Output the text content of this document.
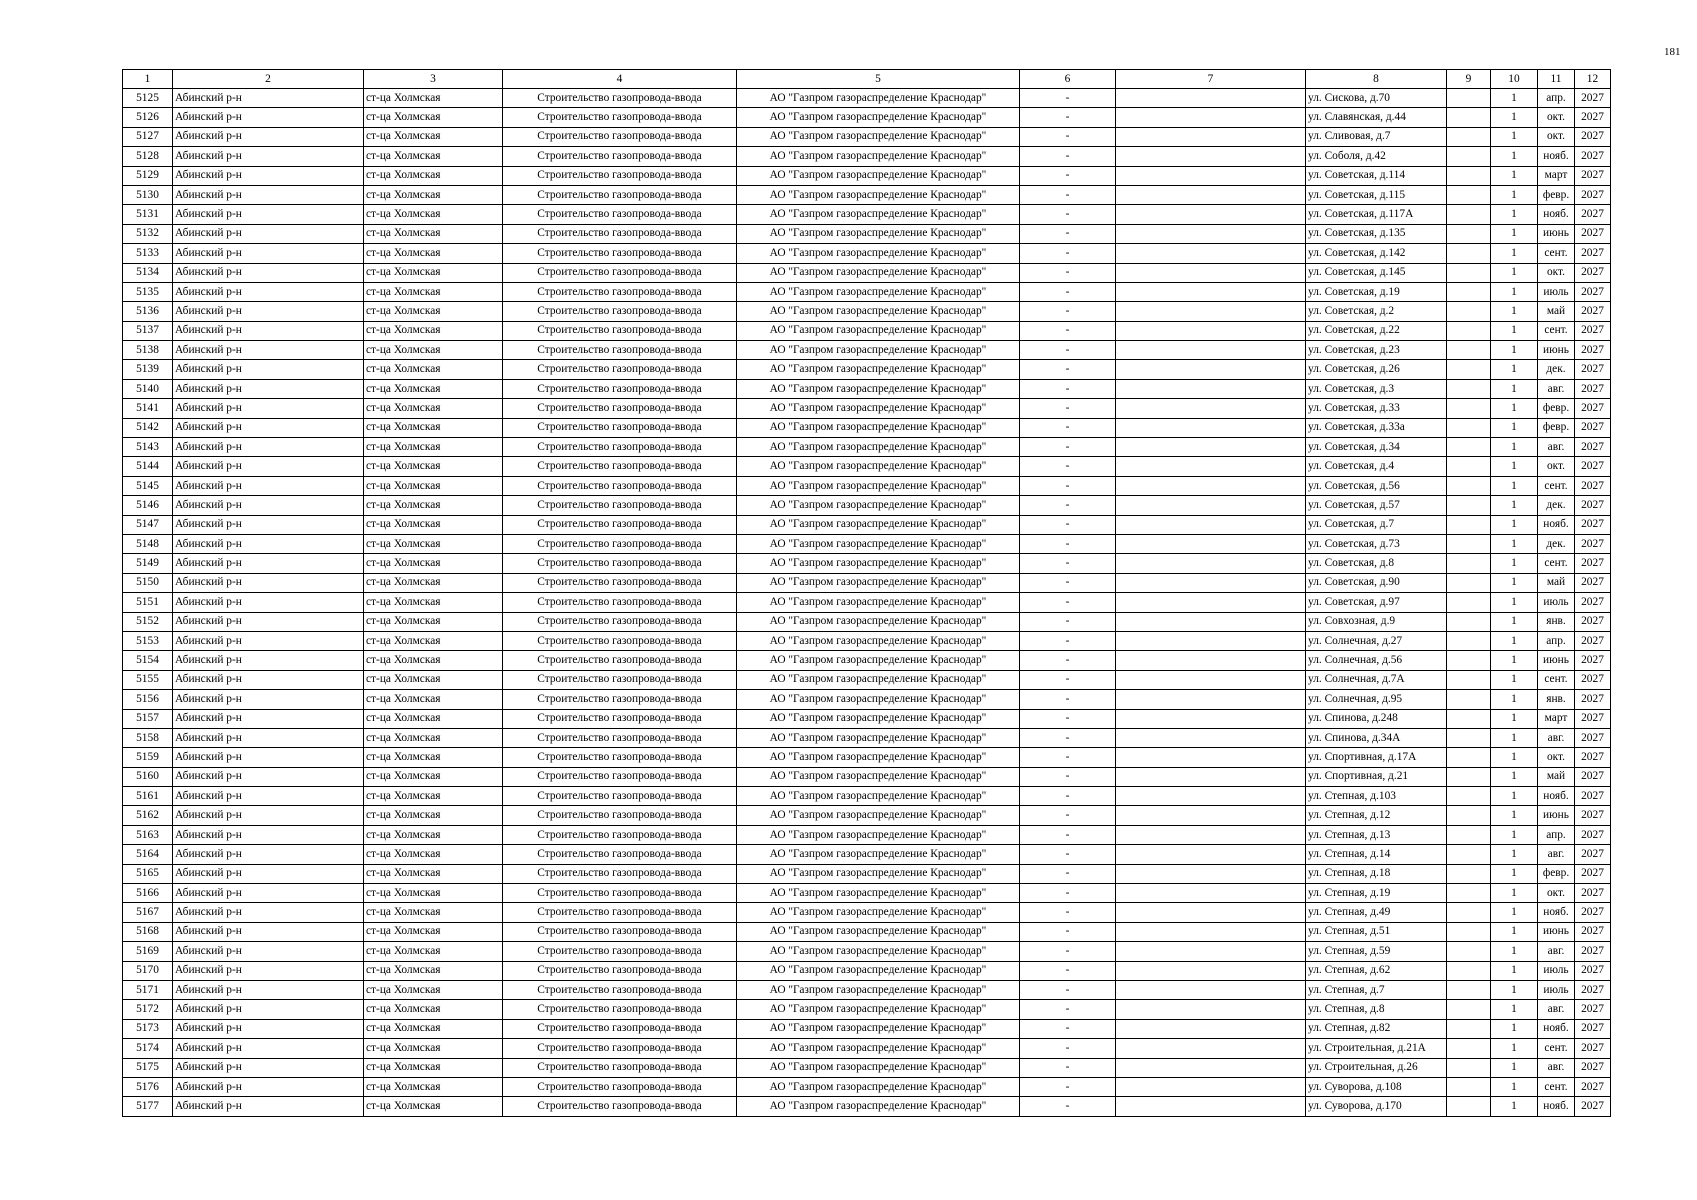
181
1	2	3	4	5	6	7	8	9	10	11	12
5125	Абинский р-н	ст-ца Холмская	Строительство газопровода-ввода	АО "Газпром газораспределение Краснодар"	-		ул. Сискова, д.70		1	апр.	2027
5126	Абинский р-н	ст-ца Холмская	Строительство газопровода-ввода	АО "Газпром газораспределение Краснодар"	-		ул. Славянская, д.44		1	окт.	2027
5127	Абинский р-н	ст-ца Холмская	Строительство газопровода-ввода	АО "Газпром газораспределение Краснодар"	-		ул. Сливовая, д.7		1	окт.	2027
5128	Абинский р-н	ст-ца Холмская	Строительство газопровода-ввода	АО "Газпром газораспределение Краснодар"	-		ул. Соболя, д.42		1	нояб.	2027
5129	Абинский р-н	ст-ца Холмская	Строительство газопровода-ввода	АО "Газпром газораспределение Краснодар"	-		ул. Советская, д.114		1	март	2027
5130	Абинский р-н	ст-ца Холмская	Строительство газопровода-ввода	АО "Газпром газораспределение Краснодар"	-		ул. Советская, д.115		1	февр.	2027
5131	Абинский р-н	ст-ца Холмская	Строительство газопровода-ввода	АО "Газпром газораспределение Краснодар"	-		ул. Советская, д.117А		1	нояб.	2027
5132	Абинский р-н	ст-ца Холмская	Строительство газопровода-ввода	АО "Газпром газораспределение Краснодар"	-		ул. Советская, д.135		1	июнь	2027
5133	Абинский р-н	ст-ца Холмская	Строительство газопровода-ввода	АО "Газпром газораспределение Краснодар"	-		ул. Советская, д.142		1	сент.	2027
5134	Абинский р-н	ст-ца Холмская	Строительство газопровода-ввода	АО "Газпром газораспределение Краснодар"	-		ул. Советская, д.145		1	окт.	2027
5135	Абинский р-н	ст-ца Холмская	Строительство газопровода-ввода	АО "Газпром газораспределение Краснодар"	-		ул. Советская, д.19		1	июль	2027
5136	Абинский р-н	ст-ца Холмская	Строительство газопровода-ввода	АО "Газпром газораспределение Краснодар"	-		ул. Советская, д.2		1	май	2027
5137	Абинский р-н	ст-ца Холмская	Строительство газопровода-ввода	АО "Газпром газораспределение Краснодар"	-		ул. Советская, д.22		1	сент.	2027
5138	Абинский р-н	ст-ца Холмская	Строительство газопровода-ввода	АО "Газпром газораспределение Краснодар"	-		ул. Советская, д.23		1	июнь	2027
5139	Абинский р-н	ст-ца Холмская	Строительство газопровода-ввода	АО "Газпром газораспределение Краснодар"	-		ул. Советская, д.26		1	дек.	2027
5140	Абинский р-н	ст-ца Холмская	Строительство газопровода-ввода	АО "Газпром газораспределение Краснодар"	-		ул. Советская, д.3		1	авг.	2027
5141	Абинский р-н	ст-ца Холмская	Строительство газопровода-ввода	АО "Газпром газораспределение Краснодар"	-		ул. Советская, д.33		1	февр.	2027
5142	Абинский р-н	ст-ца Холмская	Строительство газопровода-ввода	АО "Газпром газораспределение Краснодар"	-		ул. Советская, д.33а		1	февр.	2027
5143	Абинский р-н	ст-ца Холмская	Строительство газопровода-ввода	АО "Газпром газораспределение Краснодар"	-		ул. Советская, д.34		1	авг.	2027
5144	Абинский р-н	ст-ца Холмская	Строительство газопровода-ввода	АО "Газпром газораспределение Краснодар"	-		ул. Советская, д.4		1	окт.	2027
5145	Абинский р-н	ст-ца Холмская	Строительство газопровода-ввода	АО "Газпром газораспределение Краснодар"	-		ул. Советская, д.56		1	сент.	2027
5146	Абинский р-н	ст-ца Холмская	Строительство газопровода-ввода	АО "Газпром газораспределение Краснодар"	-		ул. Советская, д.57		1	дек.	2027
5147	Абинский р-н	ст-ца Холмская	Строительство газопровода-ввода	АО "Газпром газораспределение Краснодар"	-		ул. Советская, д.7		1	нояб.	2027
5148	Абинский р-н	ст-ца Холмская	Строительство газопровода-ввода	АО "Газпром газораспределение Краснодар"	-		ул. Советская, д.73		1	дек.	2027
5149	Абинский р-н	ст-ца Холмская	Строительство газопровода-ввода	АО "Газпром газораспределение Краснодар"	-		ул. Советская, д.8		1	сент.	2027
5150	Абинский р-н	ст-ца Холмская	Строительство газопровода-ввода	АО "Газпром газораспределение Краснодар"	-		ул. Советская, д.90		1	май	2027
5151	Абинский р-н	ст-ца Холмская	Строительство газопровода-ввода	АО "Газпром газораспределение Краснодар"	-		ул. Советская, д.97		1	июль	2027
5152	Абинский р-н	ст-ца Холмская	Строительство газопровода-ввода	АО "Газпром газораспределение Краснодар"	-		ул. Совхозная, д.9		1	янв.	2027
5153	Абинский р-н	ст-ца Холмская	Строительство газопровода-ввода	АО "Газпром газораспределение Краснодар"	-		ул. Солнечная, д.27		1	апр.	2027
5154	Абинский р-н	ст-ца Холмская	Строительство газопровода-ввода	АО "Газпром газораспределение Краснодар"	-		ул. Солнечная, д.56		1	июнь	2027
5155	Абинский р-н	ст-ца Холмская	Строительство газопровода-ввода	АО "Газпром газораспределение Краснодар"	-		ул. Солнечная, д.7А		1	сент.	2027
5156	Абинский р-н	ст-ца Холмская	Строительство газопровода-ввода	АО "Газпром газораспределение Краснодар"	-		ул. Солнечная, д.95		1	янв.	2027
5157	Абинский р-н	ст-ца Холмская	Строительство газопровода-ввода	АО "Газпром газораспределение Краснодар"	-		ул. Спинова, д.248		1	март	2027
5158	Абинский р-н	ст-ца Холмская	Строительство газопровода-ввода	АО "Газпром газораспределение Краснодар"	-		ул. Спинова, д.34А		1	авг.	2027
5159	Абинский р-н	ст-ца Холмская	Строительство газопровода-ввода	АО "Газпром газораспределение Краснодар"	-		ул. Спортивная, д.17А		1	окт.	2027
5160	Абинский р-н	ст-ца Холмская	Строительство газопровода-ввода	АО "Газпром газораспределение Краснодар"	-		ул. Спортивная, д.21		1	май	2027
5161	Абинский р-н	ст-ца Холмская	Строительство газопровода-ввода	АО "Газпром газораспределение Краснодар"	-		ул. Степная, д.103		1	нояб.	2027
5162	Абинский р-н	ст-ца Холмская	Строительство газопровода-ввода	АО "Газпром газораспределение Краснодар"	-		ул. Степная, д.12		1	июнь	2027
5163	Абинский р-н	ст-ца Холмская	Строительство газопровода-ввода	АО "Газпром газораспределение Краснодар"	-		ул. Степная, д.13		1	апр.	2027
5164	Абинский р-н	ст-ца Холмская	Строительство газопровода-ввода	АО "Газпром газораспределение Краснодар"	-		ул. Степная, д.14		1	авг.	2027
5165	Абинский р-н	ст-ца Холмская	Строительство газопровода-ввода	АО "Газпром газораспределение Краснодар"	-		ул. Степная, д.18		1	февр.	2027
5166	Абинский р-н	ст-ца Холмская	Строительство газопровода-ввода	АО "Газпром газораспределение Краснодар"	-		ул. Степная, д.19		1	окт.	2027
5167	Абинский р-н	ст-ца Холмская	Строительство газопровода-ввода	АО "Газпром газораспределение Краснодар"	-		ул. Степная, д.49		1	нояб.	2027
5168	Абинский р-н	ст-ца Холмская	Строительство газопровода-ввода	АО "Газпром газораспределение Краснодар"	-		ул. Степная, д.51		1	июнь	2027
5169	Абинский р-н	ст-ца Холмская	Строительство газопровода-ввода	АО "Газпром газораспределение Краснодар"	-		ул. Степная, д.59		1	авг.	2027
5170	Абинский р-н	ст-ца Холмская	Строительство газопровода-ввода	АО "Газпром газораспределение Краснодар"	-		ул. Степная, д.62		1	июль	2027
5171	Абинский р-н	ст-ца Холмская	Строительство газопровода-ввода	АО "Газпром газораспределение Краснодар"	-		ул. Степная, д.7		1	июль	2027
5172	Абинский р-н	ст-ца Холмская	Строительство газопровода-ввода	АО "Газпром газораспределение Краснодар"	-		ул. Степная, д.8		1	авг.	2027
5173	Абинский р-н	ст-ца Холмская	Строительство газопровода-ввода	АО "Газпром газораспределение Краснодар"	-		ул. Степная, д.82		1	нояб.	2027
5174	Абинский р-н	ст-ца Холмская	Строительство газопровода-ввода	АО "Газпром газораспределение Краснодар"	-		ул. Строительная, д.21А		1	сент.	2027
5175	Абинский р-н	ст-ца Холмская	Строительство газопровода-ввода	АО "Газпром газораспределение Краснодар"	-		ул. Строительная, д.26		1	авг.	2027
5176	Абинский р-н	ст-ца Холмская	Строительство газопровода-ввода	АО "Газпром газораспределение Краснодар"	-		ул. Суворова, д.108		1	сент.	2027
5177	Абинский р-н	ст-ца Холмская	Строительство газопровода-ввода	АО "Газпром газораспределение Краснодар"	-		ул. Суворова, д.170		1	нояб.	2027
